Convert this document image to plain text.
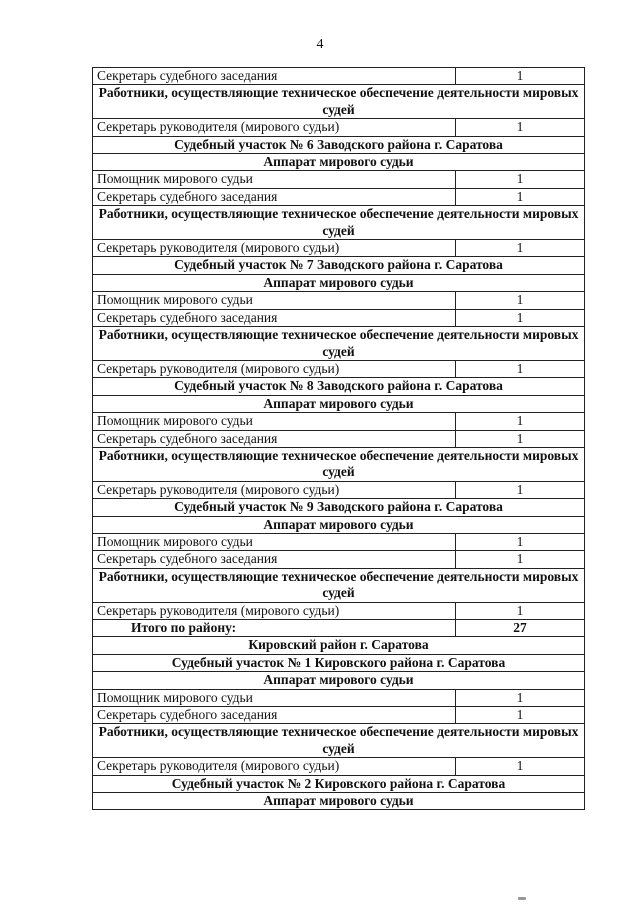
4
Секретарь судебного заседания	1
Работники, осуществляющие техническое обеспечение деятельности мировых судей	
Секретарь руководителя (мирового судьи)	1
Судебный участок № 6 Заводского района г. Саратова	
Аппарат мирового судьи	
Помощник мирового судьи	1
Секретарь судебного заседания	1
Работники, осуществляющие техническое обеспечение деятельности мировых судей	
Секретарь руководителя (мирового судьи)	1
Судебный участок № 7 Заводского района г. Саратова	
Аппарат мирового судьи	
Помощник мирового судьи	1
Секретарь судебного заседания	1
Работники, осуществляющие техническое обеспечение деятельности мировых судей	
Секретарь руководителя (мирового судьи)	1
Судебный участок № 8 Заводского района г. Саратова	
Аппарат мирового судьи	
Помощник мирового судьи	1
Секретарь судебного заседания	1
Работники, осуществляющие техническое обеспечение деятельности мировых судей	
Секретарь руководителя (мирового судьи)	1
Судебный участок № 9 Заводского района г. Саратова	
Аппарат мирового судьи	
Помощник мирового судьи	1
Секретарь судебного заседания	1
Работники, осуществляющие техническое обеспечение деятельности мировых судей	
Секретарь руководителя (мирового судьи)	1
Итого по району:	27
Кировский район г. Саратова	
Судебный участок № 1 Кировского района г. Саратова	
Аппарат мирового судьи	
Помощник мирового судьи	1
Секретарь судебного заседания	1
Работники, осуществляющие техническое обеспечение деятельности мировых судей	
Секретарь руководителя (мирового судьи)	1
Судебный участок № 2 Кировского района г. Саратова	
Аппарат мирового судьи	
